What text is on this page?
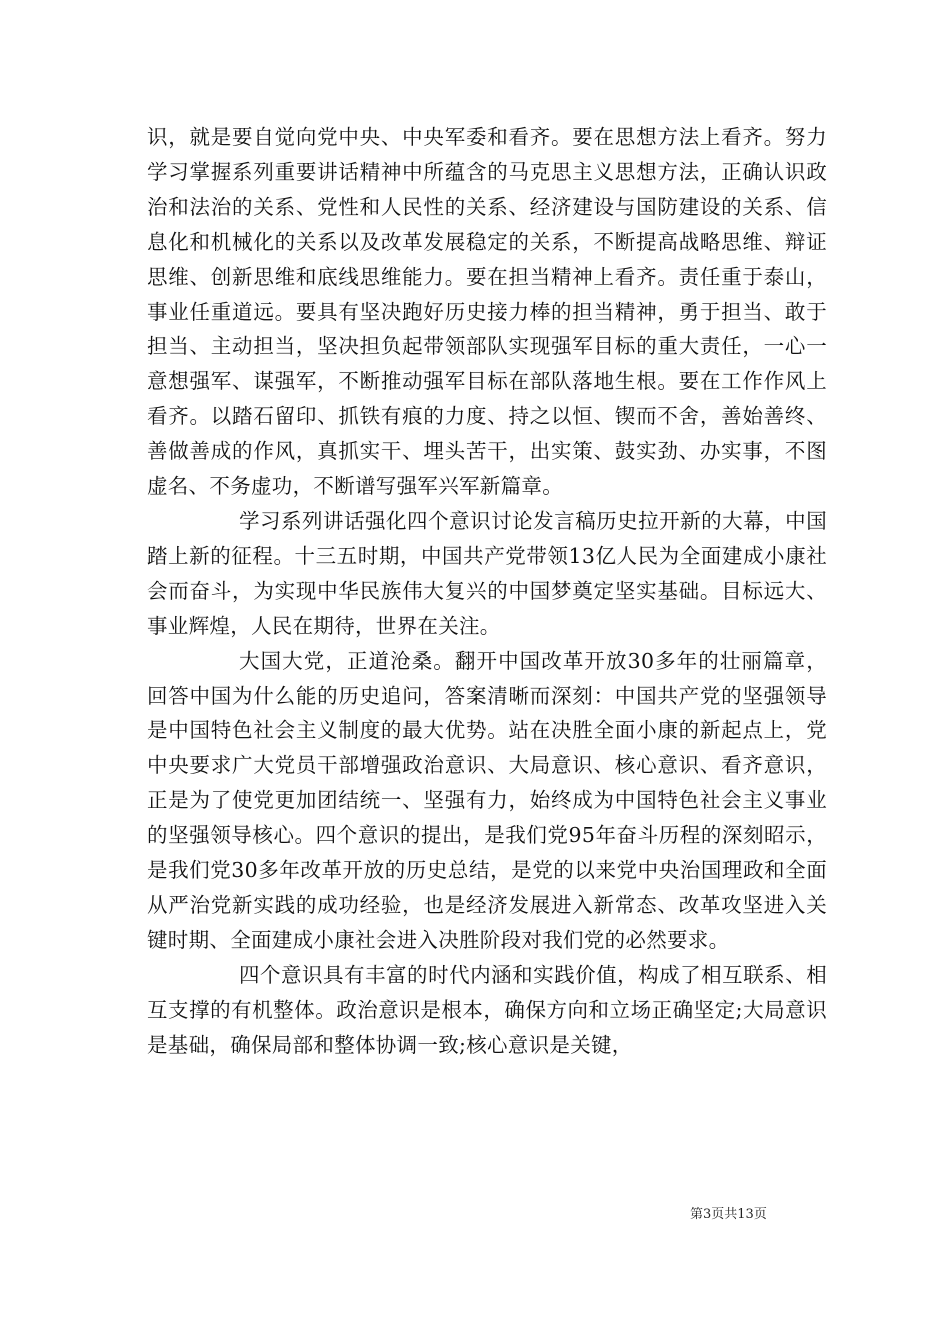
识，就是要自觉向党中央、中央军委和看齐。要在思想方法上看齐。努力学习掌握系列重要讲话精神中所蕴含的马克思主义思想方法，正确认识政治和法治的关系、党性和人民性的关系、经济建设与国防建设的关系、信息化和机械化的关系以及改革发展稳定的关系，不断提高战略思维、辩证思维、创新思维和底线思维能力。要在担当精神上看齐。责任重于泰山，事业任重道远。要具有坚决跑好历史接力棒的担当精神，勇于担当、敢于担当、主动担当，坚决担负起带领部队实现强军目标的重大责任，一心一意想强军、谋强军，不断推动强军目标在部队落地生根。要在工作作风上看齐。以踏石留印、抓铁有痕的力度、持之以恒、锲而不舍，善始善终、善做善成的作风，真抓实干、埋头苦干，出实策、鼓实劲、办实事，不图虚名、不务虚功，不断谱写强军兴军新篇章。

学习系列讲话强化四个意识讨论发言稿历史拉开新的大幕，中国踏上新的征程。十三五时期，中国共产党带领13亿人民为全面建成小康社会而奋斗，为实现中华民族伟大复兴的中国梦奠定坚实基础。目标远大、事业辉煌，人民在期待，世界在关注。

大国大党，正道沧桑。翻开中国改革开放30多年的壮丽篇章，回答中国为什么能的历史追问，答案清晰而深刻：中国共产党的坚强领导是中国特色社会主义制度的最大优势。站在决胜全面小康的新起点上，党中央要求广大党员干部增强政治意识、大局意识、核心意识、看齐意识，正是为了使党更加团结统一、坚强有力，始终成为中国特色社会主义事业的坚强领导核心。四个意识的提出，是我们党95年奋斗历程的深刻昭示，是我们党30多年改革开放的历史总结，是党的以来党中央治国理政和全面从严治党新实践的成功经验，也是经济发展进入新常态、改革攻坚进入关键时期、全面建成小康社会进入决胜阶段对我们党的必然要求。

四个意识具有丰富的时代内涵和实践价值，构成了相互联系、相互支撑的有机整体。政治意识是根本，确保方向和立场正确坚定;大局意识是基础，确保局部和整体协调一致;核心意识是关键，

第3页共13页
